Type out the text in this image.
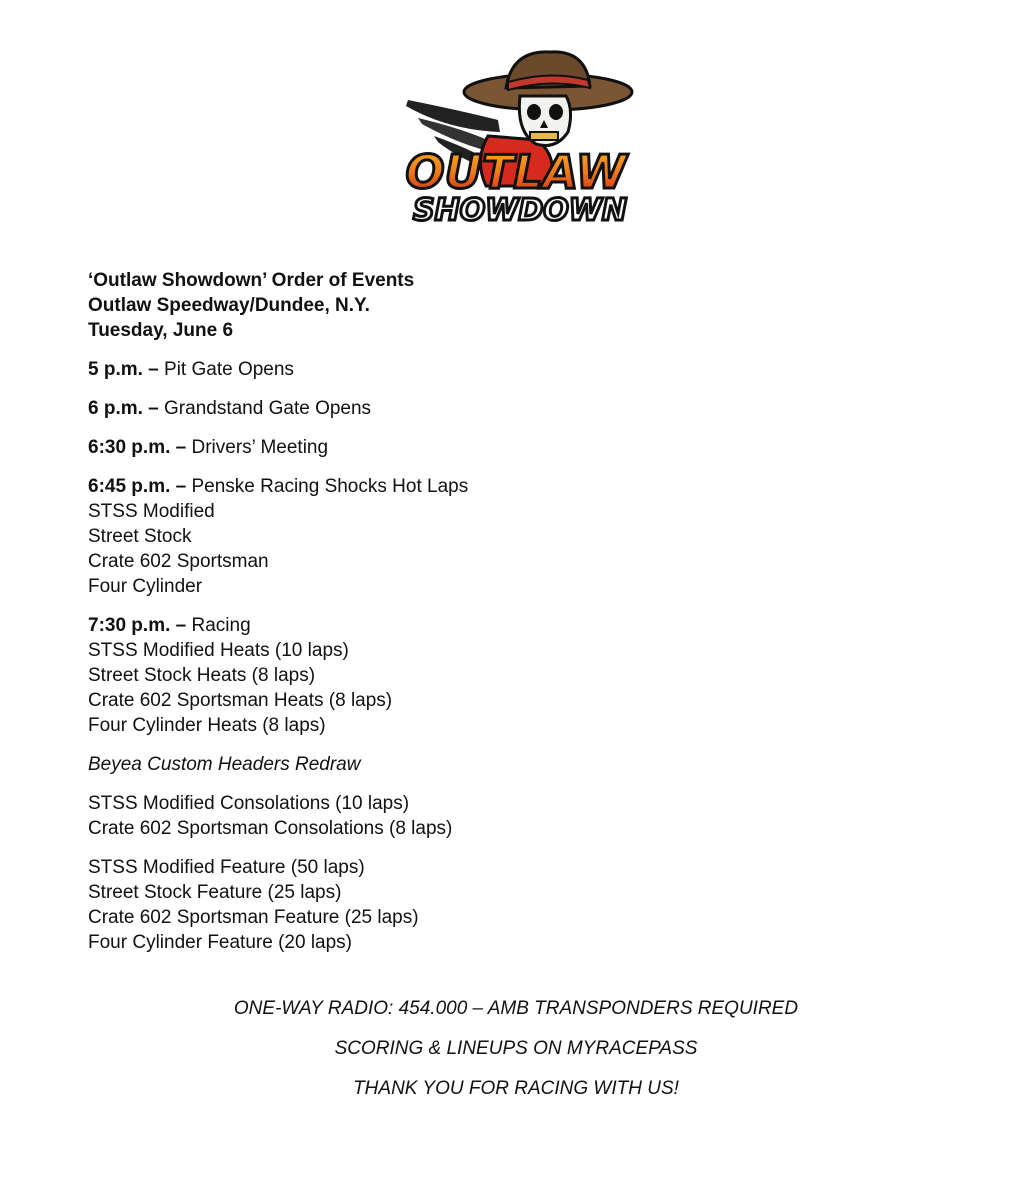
OUTLAW
SHOWDOWN
‘Outlaw Showdown’ Order of Events
Outlaw Speedway/Dundee, N.Y.
Tuesday, June 6
5 p.m. – Pit Gate Opens
6 p.m. – Grandstand Gate Opens
6:30 p.m. – Drivers’ Meeting
6:45 p.m. – Penske Racing Shocks Hot Laps
STSS Modified
Street Stock
Crate 602 Sportsman
Four Cylinder
7:30 p.m. – Racing
STSS Modified Heats (10 laps)
Street Stock Heats (8 laps)
Crate 602 Sportsman Heats (8 laps)
Four Cylinder Heats (8 laps)
Beyea Custom Headers Redraw
STSS Modified Consolations (10 laps)
Crate 602 Sportsman Consolations (8 laps)
STSS Modified Feature (50 laps)
Street Stock Feature (25 laps)
Crate 602 Sportsman Feature (25 laps)
Four Cylinder Feature (20 laps)
ONE-WAY RADIO: 454.000 – AMB TRANSPONDERS REQUIRED
SCORING & LINEUPS ON MYRACEPASS
THANK YOU FOR RACING WITH US!
